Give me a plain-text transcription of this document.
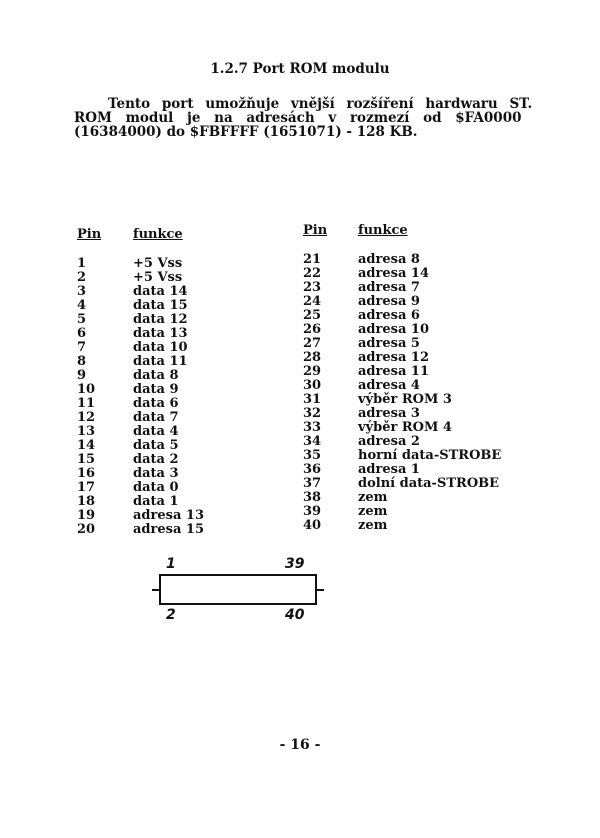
1.2.7 Port ROM modulu
Tento port umožňuje vnější rozšíření hardwaru ST.
ROM modul je na adresách v rozmezí od $FA0000
(16384000) do $FBFFFF (1651071) - 128 KB.
Pin
1
2
3
4
5
6
7
8
9
10
11
12
13
14
15
16
17
18
19
20
funkce
+5 Vss
+5 Vss
data 14
data 15
data 12
data 13
data 10
data 11
data 8
data 9
data 6
data 7
data 4
data 5
data 2
data 3
data 0
data 1
adresa 13
adresa 15
Pin
21
22
23
24
25
26
27
28
29
30
31
32
33
34
35
36
37
38
39
40
funkce
adresa 8
adresa 14
adresa 7
adresa 9
adresa 6
adresa 10
adresa 5
adresa 12
adresa 11
adresa 4
výběr ROM 3
adresa 3
výběr ROM 4
adresa 2
horní data-STROBE
adresa 1
dolní data-STROBE
zem
zem
zem
1	39
2	40
- 16 -
